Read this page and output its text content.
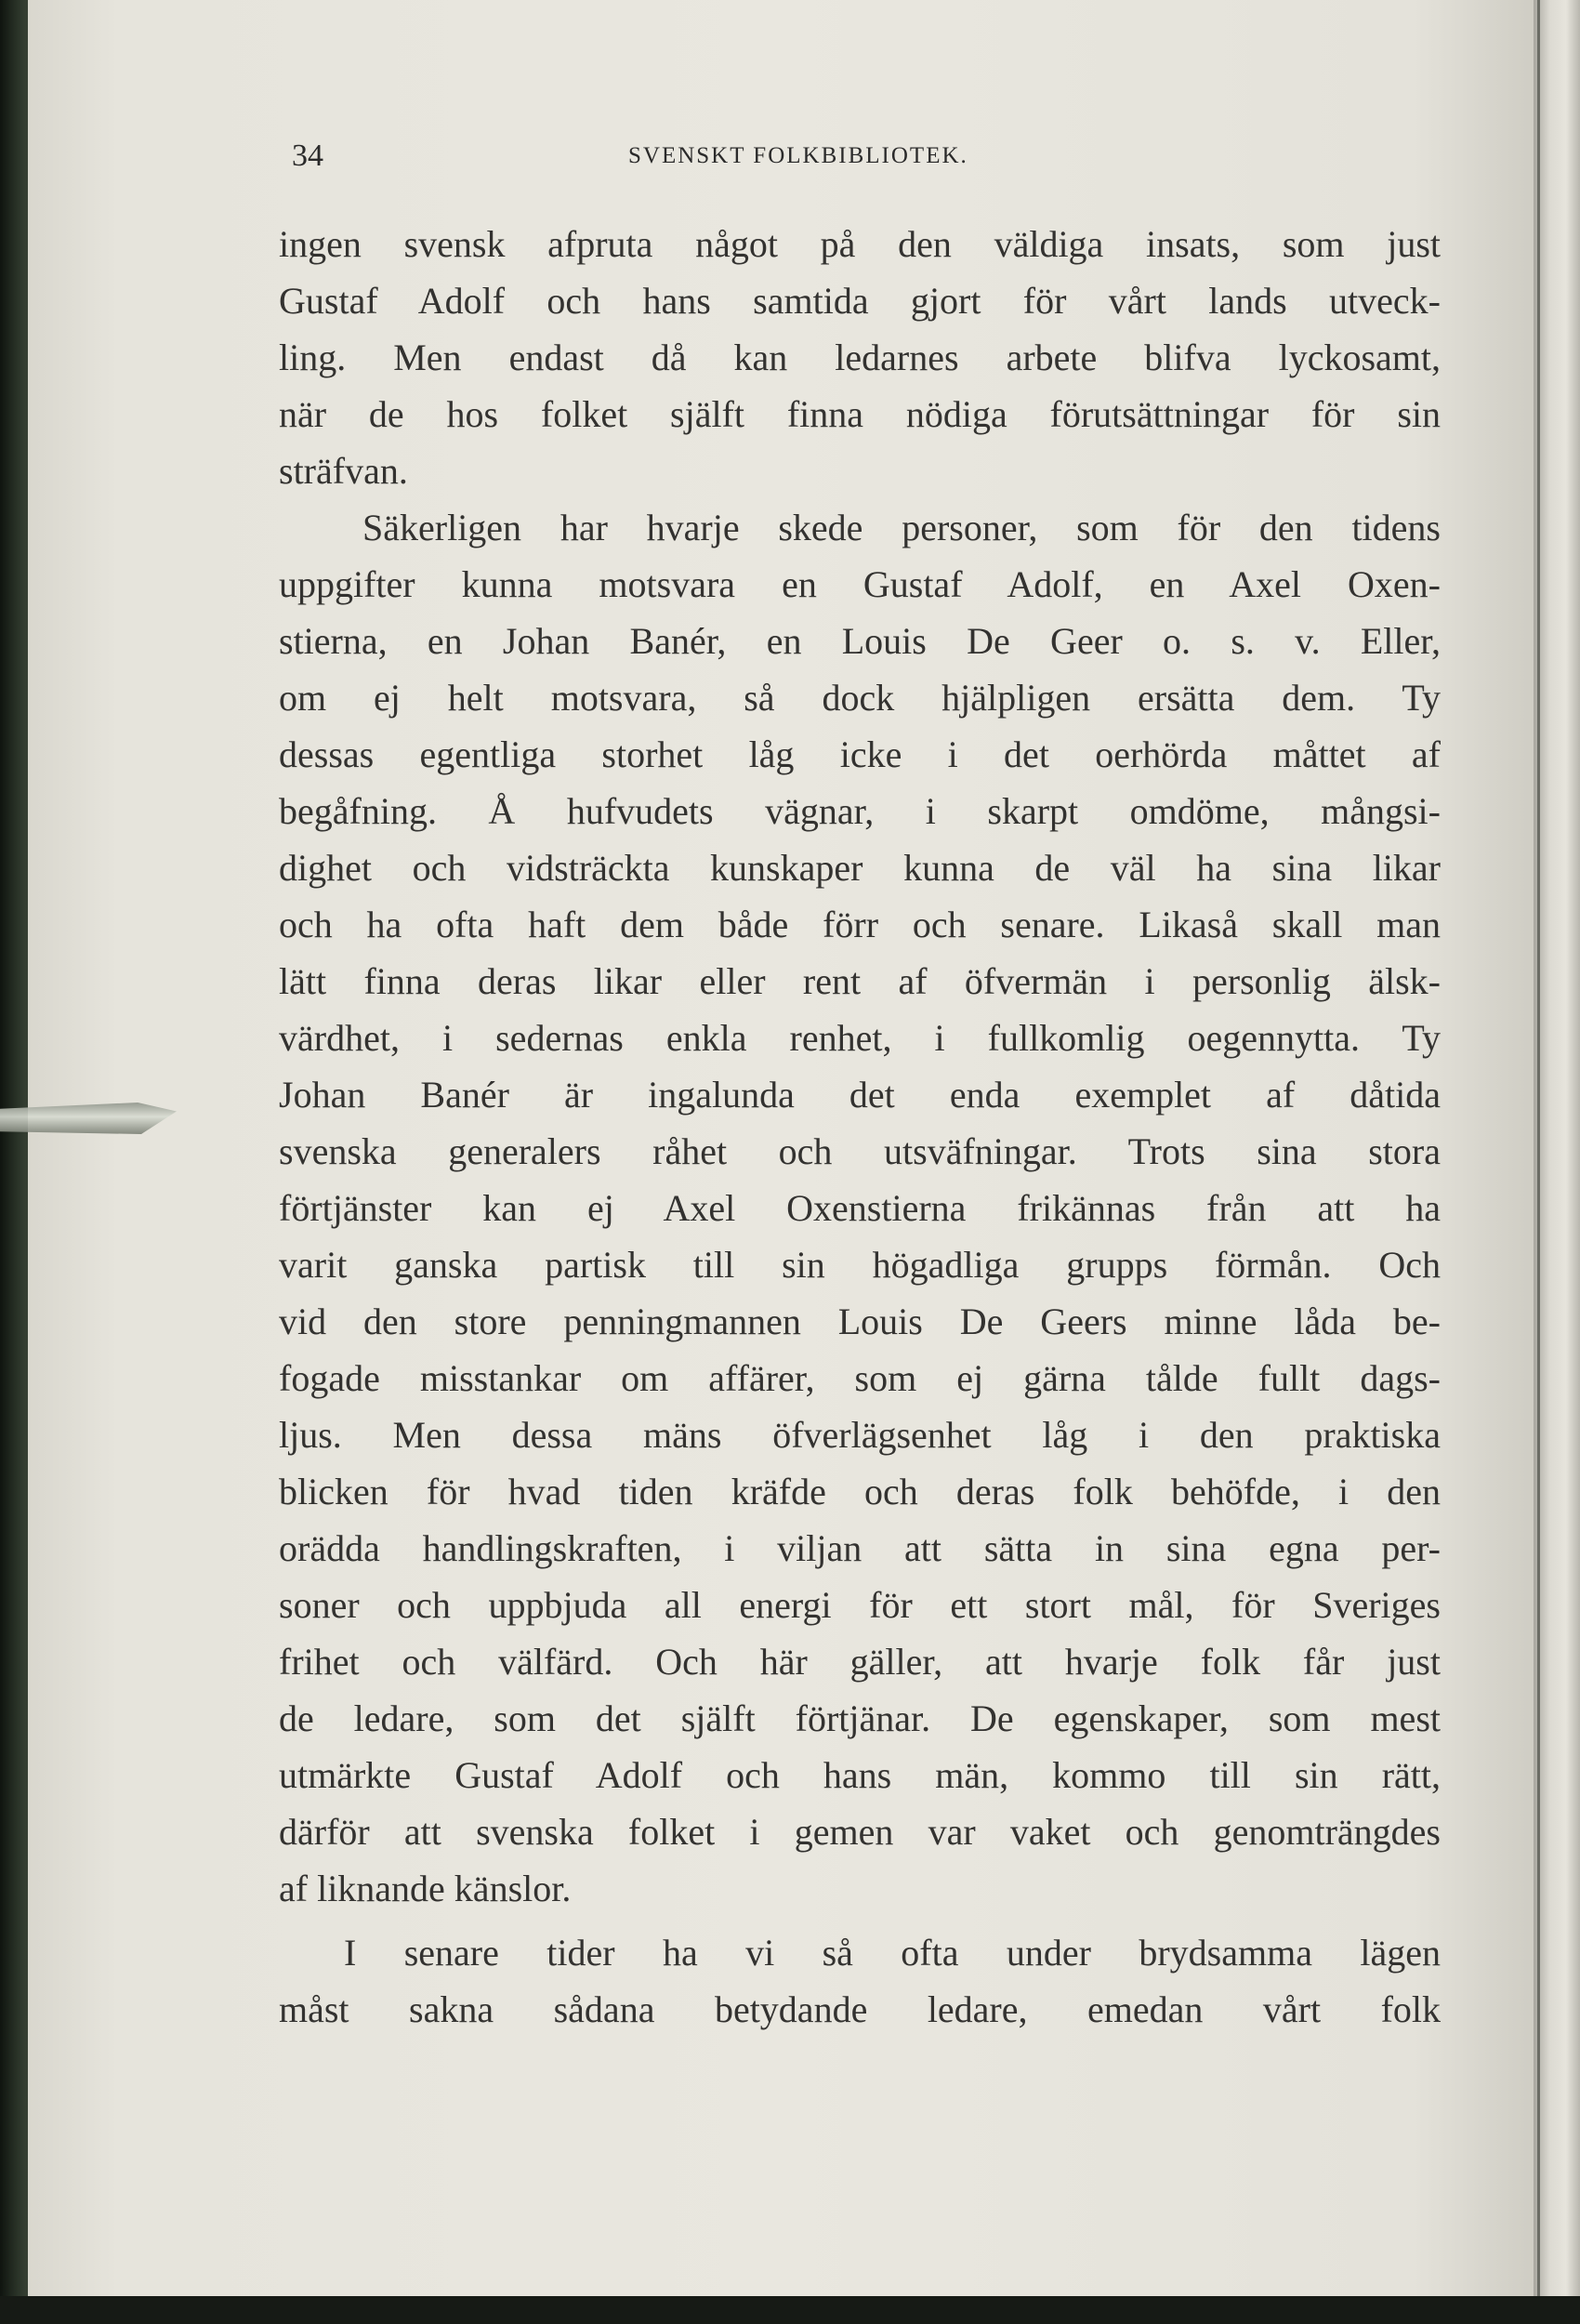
34	SVENSKT FOLKBIBLIOTEK.
ingen svensk afpruta något på den väldiga insats, som just
Gustaf Adolf och hans samtida gjort för vårt lands utveck-
ling. Men endast då kan ledarnes arbete blifva lyckosamt,
när de hos folket själft finna nödiga förutsättningar för sin
sträfvan.
Säkerligen har hvarje skede personer, som för den tidens
uppgifter kunna motsvara en Gustaf Adolf, en Axel Oxen-
stierna, en Johan Banér, en Louis De Geer o. s. v. Eller,
om ej helt motsvara, så dock hjälpligen ersätta dem. Ty
dessas egentliga storhet låg icke i det oerhörda måttet af
begåfning. Å hufvudets vägnar, i skarpt omdöme, mångsi-
dighet och vidsträckta kunskaper kunna de väl ha sina likar
och ha ofta haft dem både förr och senare. Likaså skall man
lätt finna deras likar eller rent af öfvermän i personlig älsk-
värdhet, i sedernas enkla renhet, i fullkomlig oegennytta. Ty
Johan Banér är ingalunda det enda exemplet af dåtida
svenska generalers råhet och utsväfningar. Trots sina stora
förtjänster kan ej Axel Oxenstierna frikännas från att ha
varit ganska partisk till sin högadliga grupps förmån. Och
vid den store penningmannen Louis De Geers minne låda be-
fogade misstankar om affärer, som ej gärna tålde fullt dags-
ljus. Men dessa mäns öfverlägsenhet låg i den praktiska
blicken för hvad tiden kräfde och deras folk behöfde, i den
orädda handlingskraften, i viljan att sätta in sina egna per-
soner och uppbjuda all energi för ett stort mål, för Sveriges
frihet och välfärd. Och här gäller, att hvarje folk får just
de ledare, som det själft förtjänar. De egenskaper, som mest
utmärkte Gustaf Adolf och hans män, kommo till sin rätt,
därför att svenska folket i gemen var vaket och genomträngdes
af liknande känslor.
I senare tider ha vi så ofta under brydsamma lägen
måst sakna sådana betydande ledare, emedan vårt folk
